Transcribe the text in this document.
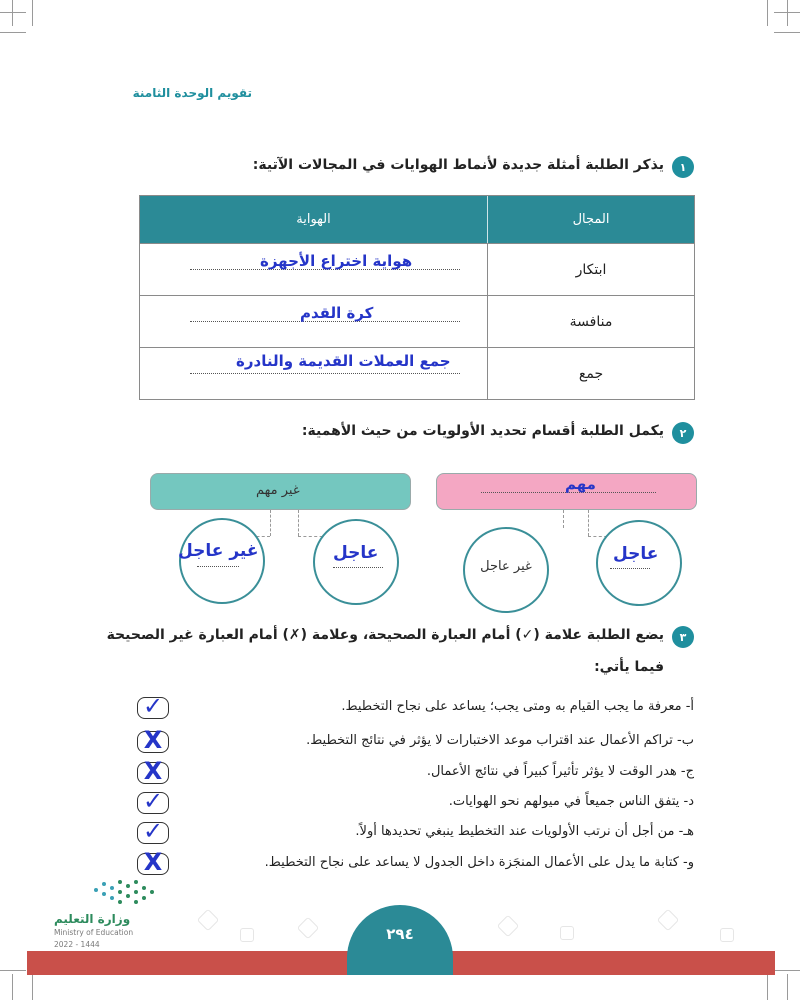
تقويم الوحدة الثامنة
١
يذكر الطلبة أمثلة جديدة لأنماط الهوايات في المجالات الآتية:
المجال
الهواية
ابتكار
هواية اختراع الأجهزة
منافسة
كرة القدم
جمع
جمع العملات القديمة والنادرة
٢
يكمل الطلبة أقسام تحديد الأولويات من حيث الأهمية:
مهم
غير مهم
عاجل
غير عاجل
عاجل
غير عاجل
٣
يضع الطلبة علامة (✓) أمام العبارة الصحيحة، وعلامة (✗) أمام العبارة غير الصحيحة
فيما يأتي:
أ- معرفة ما يجب القيام به ومتى يجب؛ يساعد على نجاح التخطيط.
ب- تراكم الأعمال عند اقتراب موعد الاختبارات لا يؤثر في نتائج التخطيط.
ج- هدر الوقت لا يؤثر تأثيراً كبيراً في نتائج الأعمال.
د- يتفق الناس جميعاً في ميولهم نحو الهوايات.
هـ- من أجل أن نرتب الأولويات عند التخطيط ينبغي تحديدها أولاً.
و- كتابة ما يدل على الأعمال المنجَزة داخل الجدول لا يساعد على نجاح التخطيط.
✓
X
X
✓
✓
X
وزارة التعليم
Ministry of Education
2022 - 1444
٢٩٤
